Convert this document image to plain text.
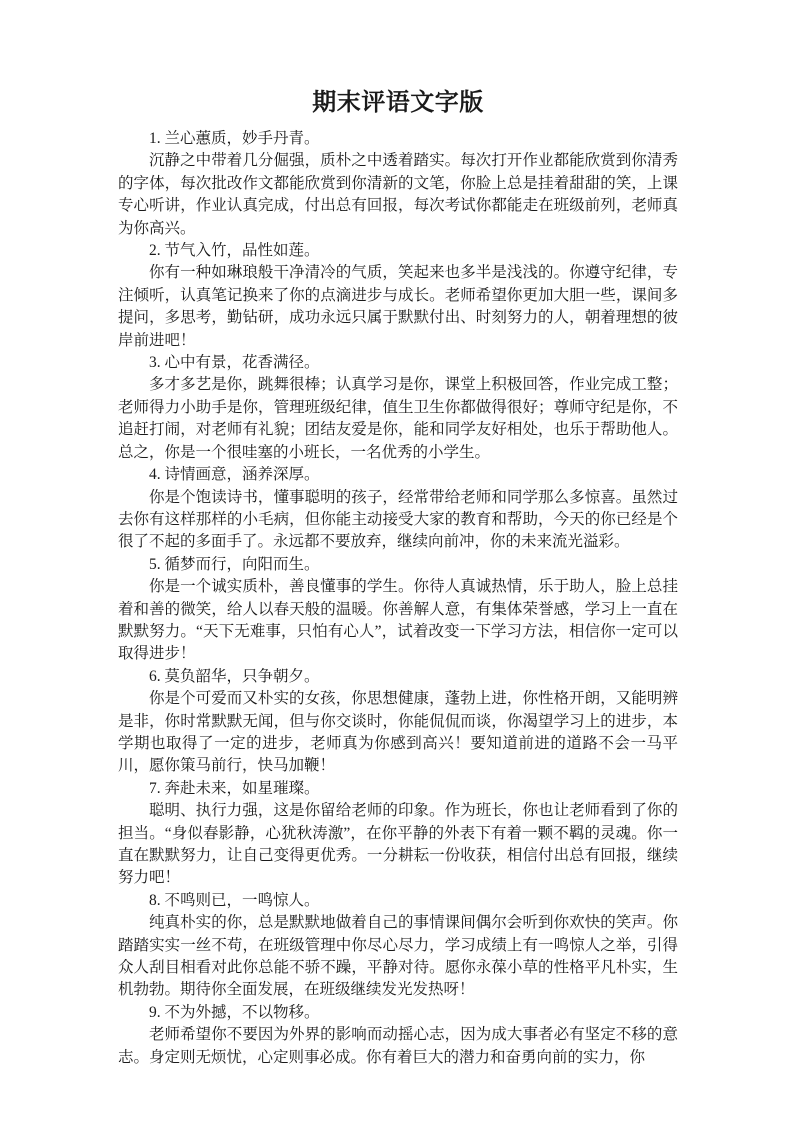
期末评语文字版

1. 兰心蕙质，妙手丹青。

沉静之中带着几分倔强，质朴之中透着踏实。每次打开作业都能欣赏到你清秀的字体，每次批改作文都能欣赏到你清新的文笔，你脸上总是挂着甜甜的笑，上课专心听讲，作业认真完成，付出总有回报，每次考试你都能走在班级前列，老师真为你高兴。

2. 节气入竹，品性如莲。

你有一种如琳琅般干净清冷的气质，笑起来也多半是浅浅的。你遵守纪律，专注倾听，认真笔记换来了你的点滴进步与成长。老师希望你更加大胆一些，课间多提问，多思考，勤钻研，成功永远只属于默默付出、时刻努力的人，朝着理想的彼岸前进吧！

3. 心中有景，花香满径。

多才多艺是你，跳舞很棒；认真学习是你，课堂上积极回答，作业完成工整；老师得力小助手是你，管理班级纪律，值生卫生你都做得很好；尊师守纪是你，不追赶打闹，对老师有礼貌；团结友爱是你，能和同学友好相处，也乐于帮助他人。总之，你是一个很哇塞的小班长，一名优秀的小学生。

4. 诗情画意，涵养深厚。

你是个饱读诗书，懂事聪明的孩子，经常带给老师和同学那么多惊喜。虽然过去你有这样那样的小毛病，但你能主动接受大家的教育和帮助，今天的你已经是个很了不起的多面手了。永远都不要放弃，继续向前冲，你的未来流光溢彩。

5. 循梦而行，向阳而生。

你是一个诚实质朴，善良懂事的学生。你待人真诚热情，乐于助人，脸上总挂着和善的微笑，给人以春天般的温暖。你善解人意，有集体荣誉感，学习上一直在默默努力。“天下无难事，只怕有心人”，试着改变一下学习方法，相信你一定可以取得进步！

6. 莫负韶华，只争朝夕。

你是个可爱而又朴实的女孩，你思想健康，蓬勃上进，你性格开朗，又能明辨是非，你时常默默无闻，但与你交谈时，你能侃侃而谈，你渴望学习上的进步，本学期也取得了一定的进步，老师真为你感到高兴！要知道前进的道路不会一马平川，愿你策马前行，快马加鞭！

7. 奔赴未来，如星璀璨。

聪明、执行力强，这是你留给老师的印象。作为班长，你也让老师看到了你的担当。“身似春影静，心犹秋涛激”，在你平静的外表下有着一颗不羁的灵魂。你一直在默默努力，让自己变得更优秀。一分耕耘一份收获，相信付出总有回报，继续努力吧！

8. 不鸣则已，一鸣惊人。

纯真朴实的你，总是默默地做着自己的事情课间偶尔会听到你欢快的笑声。你踏踏实实一丝不苟，在班级管理中你尽心尽力，学习成绩上有一鸣惊人之举，引得众人刮目相看对此你总能不骄不躁，平静对待。愿你永葆小草的性格平凡朴实，生机勃勃。期待你全面发展，在班级继续发光发热呀！

9. 不为外撼，不以物移。

老师希望你不要因为外界的影响而动摇心志，因为成大事者必有坚定不移的意志。身定则无烦忧，心定则事必成。你有着巨大的潜力和奋勇向前的实力，你
